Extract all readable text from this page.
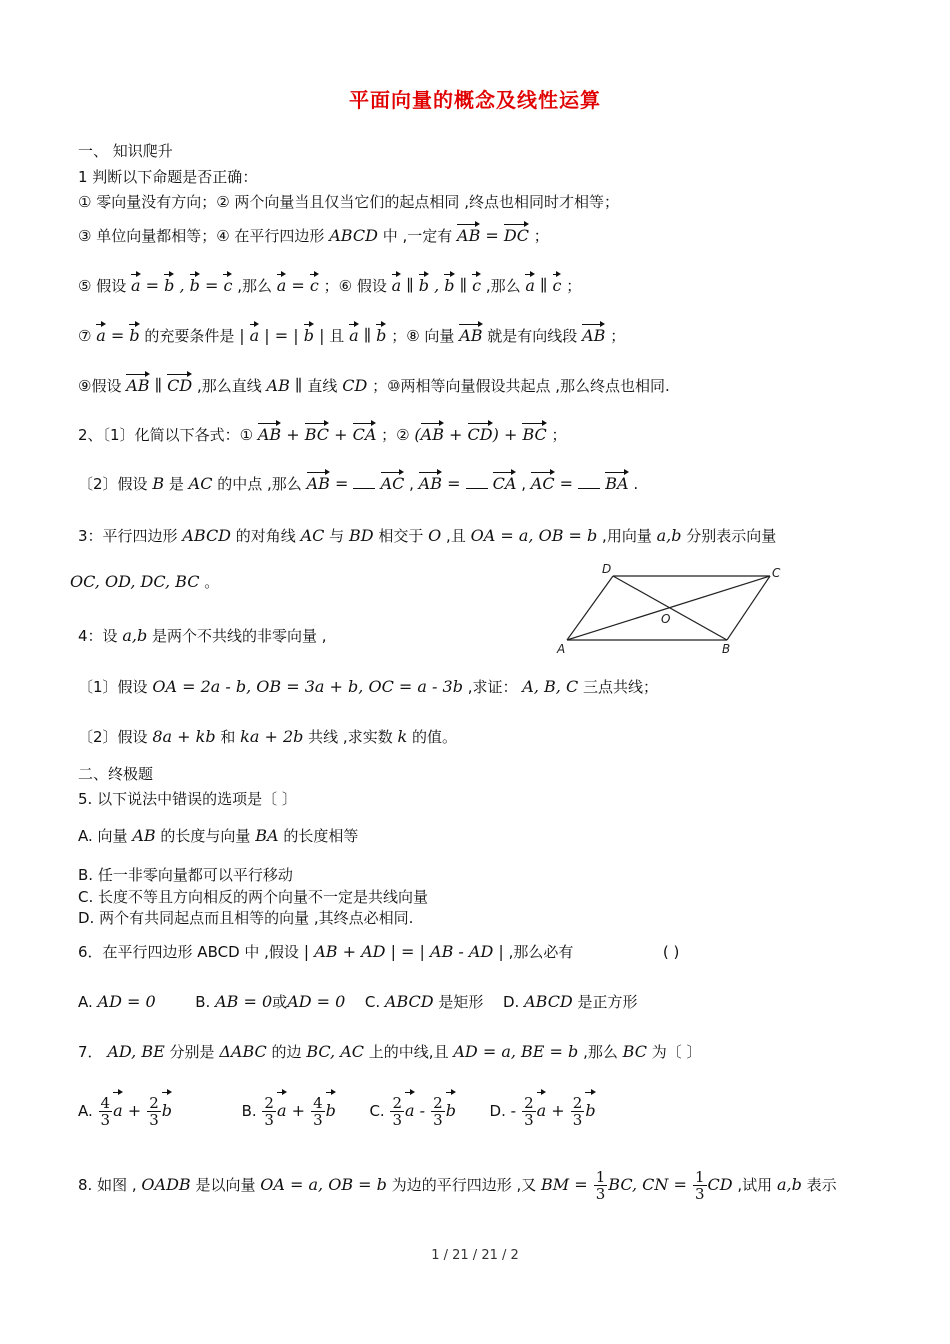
平面向量的概念及线性运算
一、 知识爬升
1 判断以下命题是否正确：
① 零向量没有方向；② 两个向量当且仅当它们的起点相同 ,终点也相同时才相等；
③ 单位向量都相等；④ 在平行四边形 ABCD 中 ,一定有 AB = DC ；
⑤ 假设 a = b , b = c ,那么 a = c ；⑥ 假设 a ∥ b , b ∥ c ,那么 a ∥ c ；
⑦ a = b 的充要条件是 | a | = | b | 且 a ∥ b ；⑧ 向量 AB 就是有向线段 AB ；
⑨假设 AB ∥ CD ,那么直线 AB ∥ 直线 CD ；⑩两相等向量假设共起点 ,那么终点也相同.
2、〔1〕化简以下各式：① AB + BC + CA ；② (AB + CD) + BC ；
〔2〕假设 B 是 AC 的中点 ,那么 AB =  AC , AB =  CA , AC =  BA .
3：平行四边形 ABCD 的对角线 AC 与 BD 相交于 O ,且 OA = a, OB = b ,用向量 a,b 分别表示向量
OC, OD, DC, BC 。
D	C
O
A	B
4：设 a,b 是两个不共线的非零向量 ,
〔1〕假设 OA = 2a - b, OB = 3a + b, OC = a - 3b ,求证： A, B, C 三点共线；
〔2〕假设 8a + kb 和 ka + 2b 共线 ,求实数 k 的值。
二、终极题
5. 以下说法中错误的选项是〔 〕
A. 向量 AB 的长度与向量 BA 的长度相等
B. 任一非零向量都可以平行移动
C. 长度不等且方向相反的两个向量不一定是共线向量
D. 两个有共同起点而且相等的向量 ,其终点必相同.
6．在平行四边形 ABCD 中 ,假设 | AB + AD | = | AB - AD | ,那么必有	( )
A. AD = 0	B. AB = 0或AD = 0 C. ABCD 是矩形 D. ABCD 是正方形
7． AD, BE 分别是 ΔABC 的边 BC, AC 上的中线,且 AD = a, BE = b ,那么 BC 为〔 〕
A. $\frac{4}{3}$ $a + \frac{2}{3}$ b	B. $\frac{2}{3}$ $a + \frac{4}{3}$ b C. $\frac{2}{3}$ a - $\frac{2}{3}$ b D. - $\frac{2}{3}$ $a + \frac{2}{3}$ b
8. 如图 , OADB 是以向量 OA = a, OB = b 为边的平行四边形 ,又 BM = $\frac{1}{3}$ BC, CN = $\frac{1}{3}$ CD ,试用 a,b 表示
1 / 21 / 21 / 2
